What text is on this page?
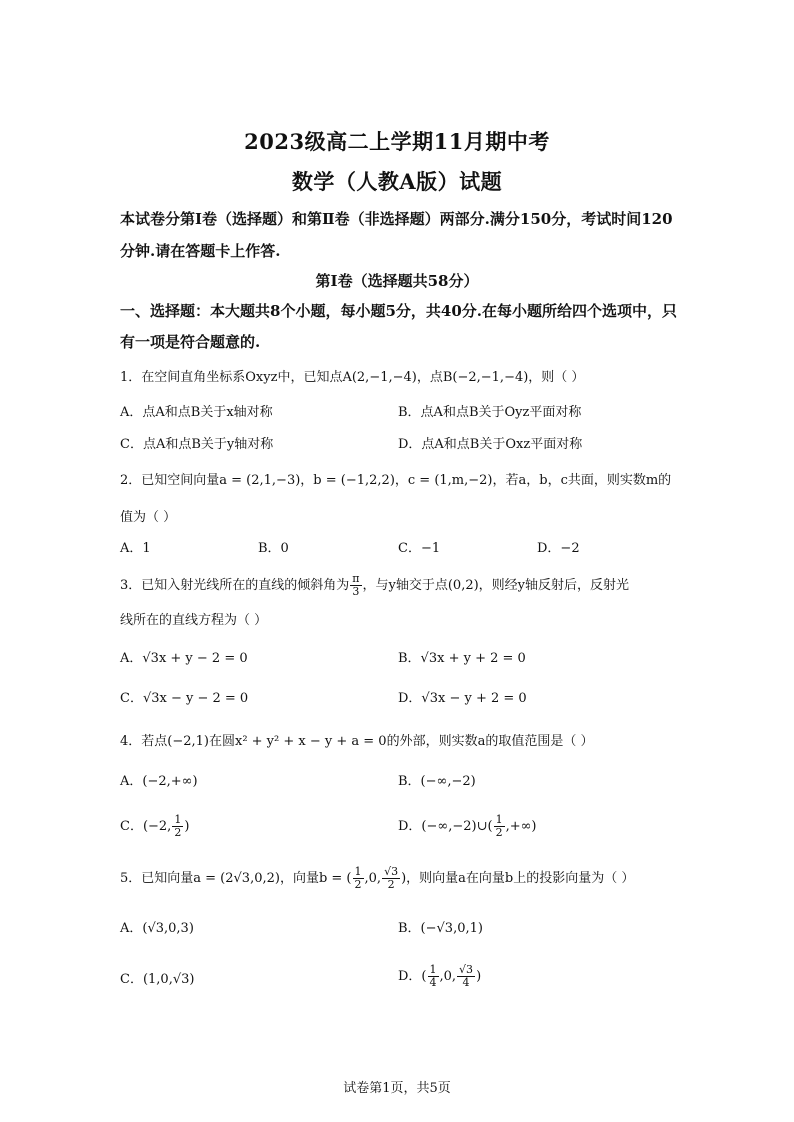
2023级高二上学期11月期中考
数学（人教A版）试题
本试卷分第Ⅰ卷（选择题）和第Ⅱ卷（非选择题）两部分.满分150分，考试时间120分钟.请在答题卡上作答.
第Ⅰ卷（选择题共58分）
一、选择题：本大题共8个小题，每小题5分，共40分.在每小题所给四个选项中，只有一项是符合题意的.
1．在空间直角坐标系Oxyz中，已知点A(2,−1,−4)，点B(−2,−1,−4)，则（ ）
A．点A和点B关于x轴对称	B．点A和点B关于Oyz平面对称
C．点A和点B关于y轴对称	D．点A和点B关于Oxz平面对称
2．已知空间向量a = (2,1,−3)，b = (−1,2,2)，c = (1,m,−2)，若a，b，c共面，则实数m的
值为（ ）
A．1	B．0	C．−1	D．−2
3．已知入射光线所在的直线的倾斜角为 $\frac{\pi}{3}$ ，与y轴交于点(0,2)，则经y轴反射后，反射光
线所在的直线方程为（ ）
A．√3x + y − 2 = 0	B．√3x + y + 2 = 0
C．√3x − y − 2 = 0	D．√3x − y + 2 = 0
4．若点(−2,1)在圆x² + y² + x − y + a = 0的外部，则实数a的取值范围是（ ）
A．(−2,+∞)	B．(−∞,−2)
C．(−2, $\frac{1}{2}$ )	D．(−∞,−2)∪( $\frac{1}{2}$ ,+∞)
5．已知向量a = (2√3,0,2)，向量b = ( $\frac{1}{2} ,0$, $\frac{√3}{2}$ )，则向量a在向量b上的投影向量为（ ）
A．(√3,0,3)	B．(−√3,0,1)
C．(1,0,√3)	D．( $\frac{1}{4} ,0$, $\frac{√3}{4}$ )
试卷第1页，共5页
